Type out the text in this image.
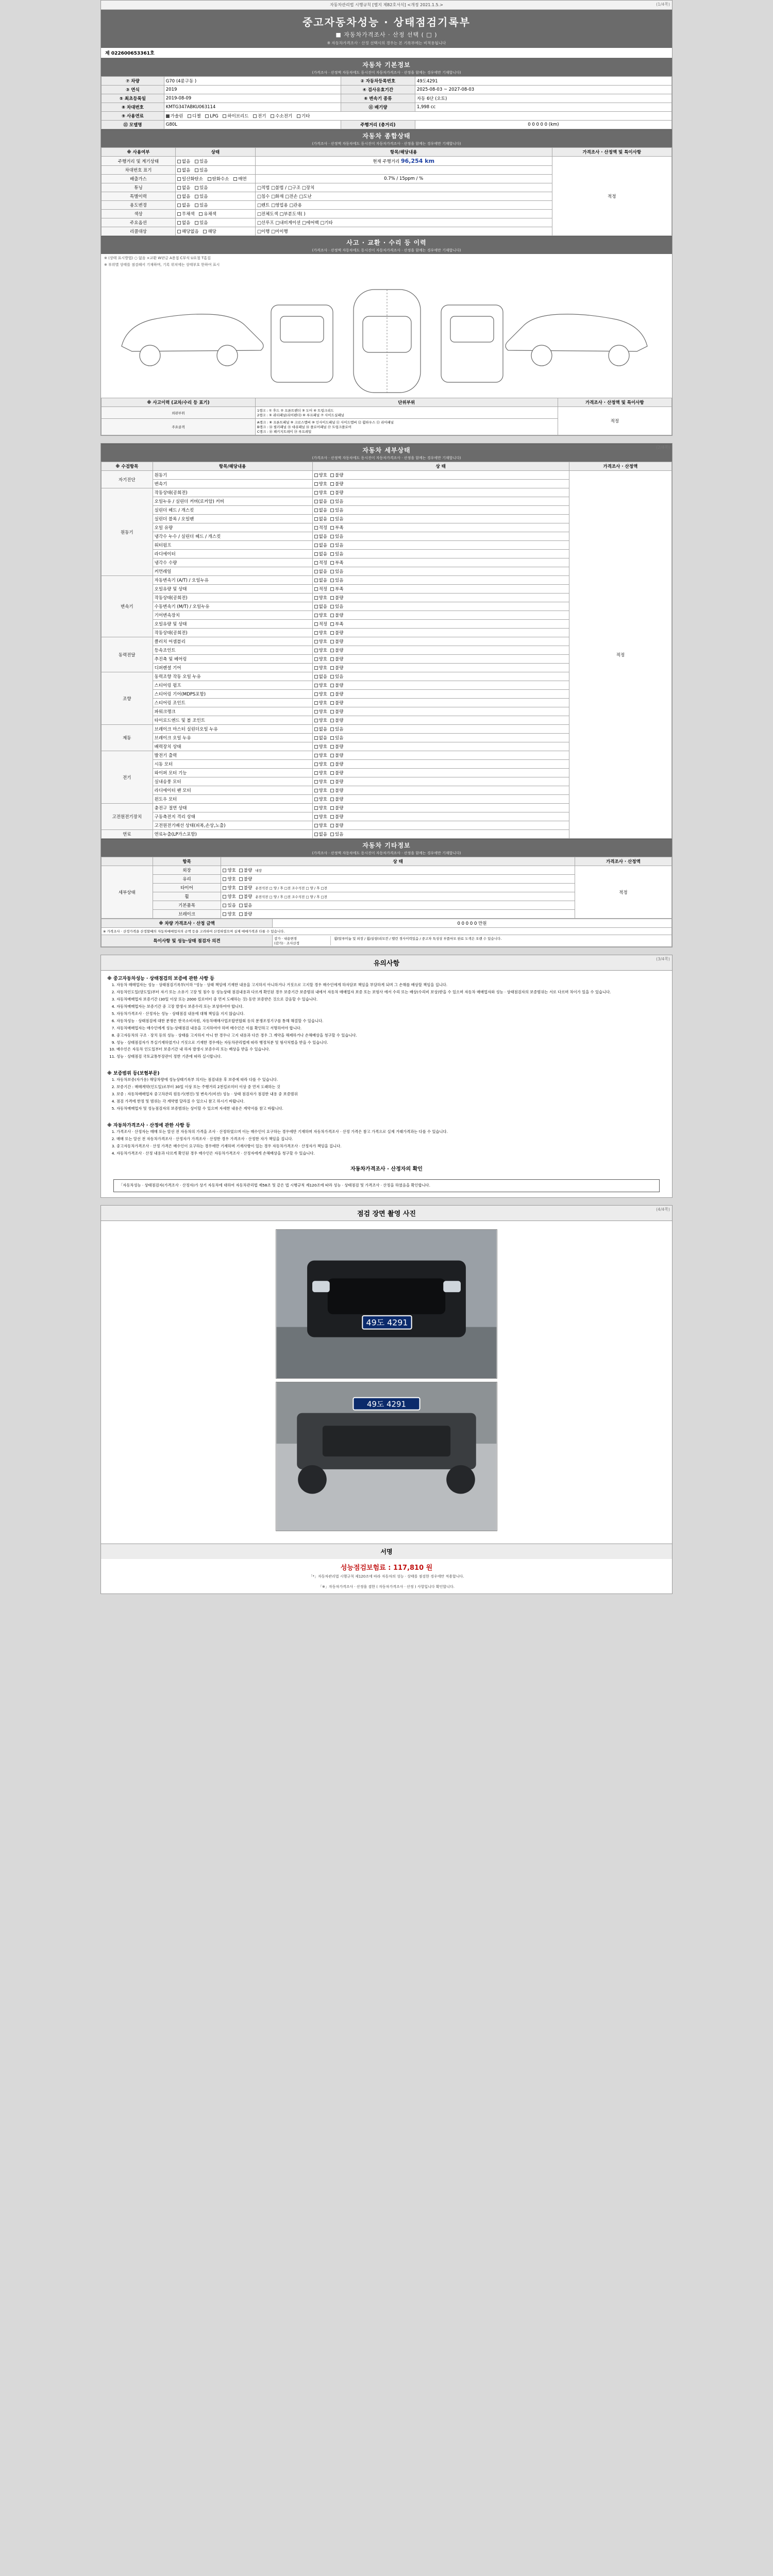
(1/4쪽)
자동차관리법 시행규칙 [별지 제82호서식] <개정 2021.1.5.>
중고자동차성능 · 상태점검기록부
■ 자동차가격조사 · 산정 선택 ( □ )
※ 자동차가격조사 · 산정 선택시의 경우는 본 기록부에는 비적용됩니다
제 022600653361호
자동차 기본정보
(가격조사 · 산정액 자동차에도 동시진이 자동차가격조사 · 산정을 함께는 경우에만 기재합니다)
⑦ 차량	G70 (4륜구동 )	② 자동차등록번호	49도4291
③ 연식	2019	④ 검사유효기간	2025-08-03 ~ 2027-08-03
⑤ 최초등록일	2019-08-09	⑥ 변속기 종류	자동 6단 (오토)
⑧ 차대번호	KMTG347ABKU063114	⑪ 배기량	1,998 cc
⑨ 사용연료	가솔린 디젤 LPG 하이브리드 전기 수소전기 기타		
⑪ 모델명	G80L	주행거리 (총거리)	0 0 0 0 0 (km)
자동차 종합상태
(가격조사 · 산정액 자동차에도 동시진이 자동차가격조사 · 산정을 함께는 경우에만 기재합니다)
※ 사용여부	상태	항목/해당내용	가격조사 · 산정액 및 특이사항
주행거리 및 계기상태	없음 있음	현재 주행거리 96,254 km	적정

차대번호 표기	없음 있음		
배출가스	일산화탄소 탄화수소 매연	0.7% / 15ppm / %	
튜닝	없음 있음	□적법 □불법 / □구조 □장치	
특별이력	없음 있음	□침수 □화재 □전손 □도난	
용도변경	없음 있음	□렌트 □영업용 □관용	
색상	무채색 유채색	□전체도색 □부분도색( )	
주요옵션	없음 있음	□선루프 □내비게이션 □에어백 □기타	
리콜대상	해당없음 해당	□이행 □미이행	
사고 · 교환 · 수리 등 이력
(가격조사 · 산정액 자동차에도 동시진이 자동차가격조사 · 산정을 함께는 경우에만 기재합니다)
※ (상태 표시방법) ○ 없음 ×교환 W판금 A용접 C부식 U요철 T흠집
※ 부위별 상태를 점검해서 기재하며, 기록 위치에는 상태부호 한하여 표시
※ 사고이력 (교차/수리 등 표기)	단위부위	가격조사 · 산정액 및 특이사항
외판부위	1랭크 : ① 후드 ② 프론트펜더 ③ 도어 ④ 트렁크리드
2랭크 : ⑤ 쿼터패널(리어펜더) ⑥ 루프패널 ⑦ 사이드실패널	적정
주요골격	A랭크 : ⑧ 프론트패널 ⑨ 크로스멤버 ⑩ 인사이드패널 ⑪ 사이드멤버 ⑫ 휠하우스 ⑬ 리어패널
B랭크 : ⑭ 필러패널 ⑮ 대쉬패널 ⑯ 플로어패널 ⑰ 트렁크플로어
C랭크 : ⑱ 패키지트레이 ⑲ 루프레일	
(2/4쪽)
자동차 세부상태
(가격조사 · 산정액 자동차에도 동시진이 자동차가격조사 · 산정을 함께는 경우에만 기재합니다)
※ 수검항목	항목/해당내용	상 태	가격조사 · 산정액
자기진단	원동기	양호 불량	적정
	변속기	양호 불량	
원동기	작동상태(공회전)	양호 불량	
	오일누유 / 실린더 커버(로커암) 커버	없음 있음	
	실린더 헤드 / 개스킷	없음 있음	
	실린더 블록 / 오일팬	없음 있음	
	오일 유량	적정 부족	
	냉각수 누수 / 실린더 헤드 / 개스킷	없음 있음	
	워터펌프	없음 있음	
	라디에이터	없음 있음	
	냉각수 수량	적정 부족	
	커먼레일	없음 있음	
변속기	자동변속기 (A/T) / 오일누유	없음 있음	
	오일유량 및 상태	적정 부족	
	작동상태(공회전)	양호 불량	
	수동변속기 (M/T) / 오일누유	없음 있음	
	기어변속장치	양호 불량	
	오일유량 및 상태	적정 부족	
	작동상태(공회전)	양호 불량	
동력전달	클러치 어셈블리	양호 불량	
	등속조인트	양호 불량	
	추진축 및 베어링	양호 불량	
	디퍼렌셜 기어	양호 불량	
조향	동력조향 작동 오일 누유	없음 있음	
	스티어링 펌프	양호 불량	
	스티어링 기어(MDPS포함)	양호 불량	
	스티어링 조인트	양호 불량	
	파워크랭크	양호 불량	
	타이로드엔드 및 볼 조인트	양호 불량	
제동	브레이크 마스터 실린더오일 누유	없음 있음	
	브레이크 오일 누유	없음 있음	
	배력장치 상태	양호 불량	
전기	발전기 출력	양호 불량	
	시동 모터	양호 불량	
	와이퍼 모터 기능	양호 불량	
	실내송풍 모터	양호 불량	
	라디에이터 팬 모터	양호 불량	
	윈도우 모터	양호 불량	
고전원전기장치	충전구 절연 상태	양호 불량	
	구동축전지 격리 상태	양호 불량	
	고전원전기배선 상태(피복,손상,노출)	양호 불량	
연료	연료누출(LP가스포함)	없음 있음	
자동차 기타정보
(가격조사 · 산정액 자동차에도 동시진이 자동차가격조사 · 산정을 함께는 경우에만 기재합니다)
	항목	상 태	가격조사 · 산정액
세부상태	외장	양호 불량내장	적정
	유리	양호 불량	
	타이어	양호 불량운전석전 □ 양 / 후 □전 조수석전 □ 양 / 후 □전	
	휠	양호 불량운전석전 □ 양 / 후 □전 조수석전 □ 양 / 후 □전	
	기본품목	있음 없음	
	브레이크	양호 불량	
※ 차량 가격조사 · 산정 금액	0 0 0 0 0 만원
※ 가격조사 · 산정가격을 산정할때의 자동차매매업자의 금액 등을 고려하여 산정하였으며 실제 매매가격과 다를 수 있습니다.	
특이사항 및 성능·상태 점검자 의견	감가 · 내용변경
(감가) · 조사산정
휠(알루미늄 및 외장 / 휠/실링(리모컨 / 밸런 경사이력있음 / 중고차 특성상 부품마모 완료 도색은 오랜 수 있습니다.
(3/4쪽)
유의사항
※ 중고자동차성능 · 상태점검의 보증에 관한 사항 등
1. 자동차 매매업자는 성능 · 상태점검기록부(이하 "성능 · 상태 책임에 기재한 내용을 고지하지 아니하거나 거짓으로 고지할 경우 매수인에게 하자담보 책임을 부담하게 되며 그 손해를 배상할 책임을 집니다.
2. 자동차인도일(양도일)부터 자기 또는 소유기 고장 및 침수 등 성능상태 점검내용과 다르게 확인된 경우 보증기간 보증범위 내에서 자동차 매매업자 보증 또는 보험사 에서 수리 또는 배상(수리비 보상)받을 수 있으며 자동차 매매업자와 성능 · 상태점검자의 보증범위는 서로 다르며 차이가 있을 수 있습니다.
3. 자동차매매업자 보증기간 (30일 이상 또는 2000 킬로미터 중 먼저 도래하는 것) 동안 보증받은 것으로 갈음할 수 있습니다.
4. 자동차매매업자는 보증기간 중 고장 발생시 보증수리 또는 보상하여야 합니다.
5. 자동차가격조사 · 산정자는 성능 · 상태점검 내용에 대해 책임을 지지 않습니다.
6. 자동차성능 · 상태점검에 대한 분쟁은 한국소비자원, 자동차매매사업조합연합회 등의 분쟁조정기구를 통해 해결할 수 있습니다.
7. 자동차매매업자는 매수인에게 성능·상태점검 내용을 고지하여야 하며 매수인은 이를 확인하고 서명하여야 합니다.
8. 중고자동차의 구조 · 장치 등의 성능 · 상태를 고지하지 아니 한 경우나 고지 내용과 다른 경우 그 계약을 해제하거나 손해배상을 청구할 수 있습니다.
9. 성능 · 상태점검자가 부실기재하였거나 거짓으로 기재한 경우에는 자동차관리법에 따라 행정처분 및 형사처벌을 받을 수 있습니다.
10. 매수인은 자동차 인도일부터 보증기간 내 하자 발생시 보증수리 또는 배상을 받을 수 있습니다.
11. 성능 · 상태점검 국토교통부장관이 정한 기준에 따라 실시합니다.
※ 보증범위 등(보험부문)
1. 자동차보증(자가용) 해당차량에 성능상태기록부 의지는 점검내용 후 보증에 따라 다를 수 있습니다.
2. 보증기간 : 매매계약(인도일)로부터 30일 이상 또는 주행거리 2천킬로미터 이상 중 먼저 도래하는 것
3. 보증 : 자동차매매업자 중고차관리 원동기(엔진) 및 변속기(미션) 성능 · 상태 점검자가 점검한 내용 중 보증범위
4. 점검 가격에 한정 및 범위는 각 계약별 달라질 수 있으니 참고 하시기 바랍니다.
5. 자동차매매업자 및 성능점검자의 보증범위는 상이할 수 있으며 자세한 내용은 계약서를 참고 바랍니다.
※ 자동차가격조사 · 산정에 관한 사항 등
1. 가격조사 · 산정자는 매매 또는 알선 전 자동차의 가격을 조사 · 산정하였으며 이는 매수인이 요구하는 경우에만 기재하며 자동차가격조사 · 산정 가격은 참고 가격으로 실제 거래가격과는 다를 수 있습니다.
2. 매매 또는 알선 전 자동차가격조사 · 산정자가 가격조사 · 산정한 경우 가격조사 · 산정한 자가 책임을 집니다.
3. 중고자동차가격조사 · 산정 가격은 매수인이 요구하는 경우에만 기재하며 기재사항이 있는 경우 자동차가격조사 · 산정자가 책임을 집니다.
4. 자동차가격조사 · 산정 내용과 다르게 확인된 경우 매수인은 자동차가격조사 · 산정자에게 손해배상을 청구할 수 있습니다.
자동차가격조사 · 산정자의 확인
「자동차성능 · 상태점검자(가격조사 · 산정자)가 상기 자동차에 대하여 자동차관리법 제58조 및 같은 법 시행규칙 제120조에 따라 성능 · 상태점검 및 가격조사 · 산정을 하였음을 확인합니다.
(4/4쪽)
점검 장면 촬영 사진
49도 4291
49도 4291
서명
성능점검보험료 : 117,810 원
「*」자동차관리법 시행규칙 제120조에 따라 자동차의 성능 · 상태를 점검한 경우에만 적용합니다.
「※」자동차가격조사 · 산정을 겸한 ( 자동차가격조사 · 산정 ) 사항입니다 확인합니다.
